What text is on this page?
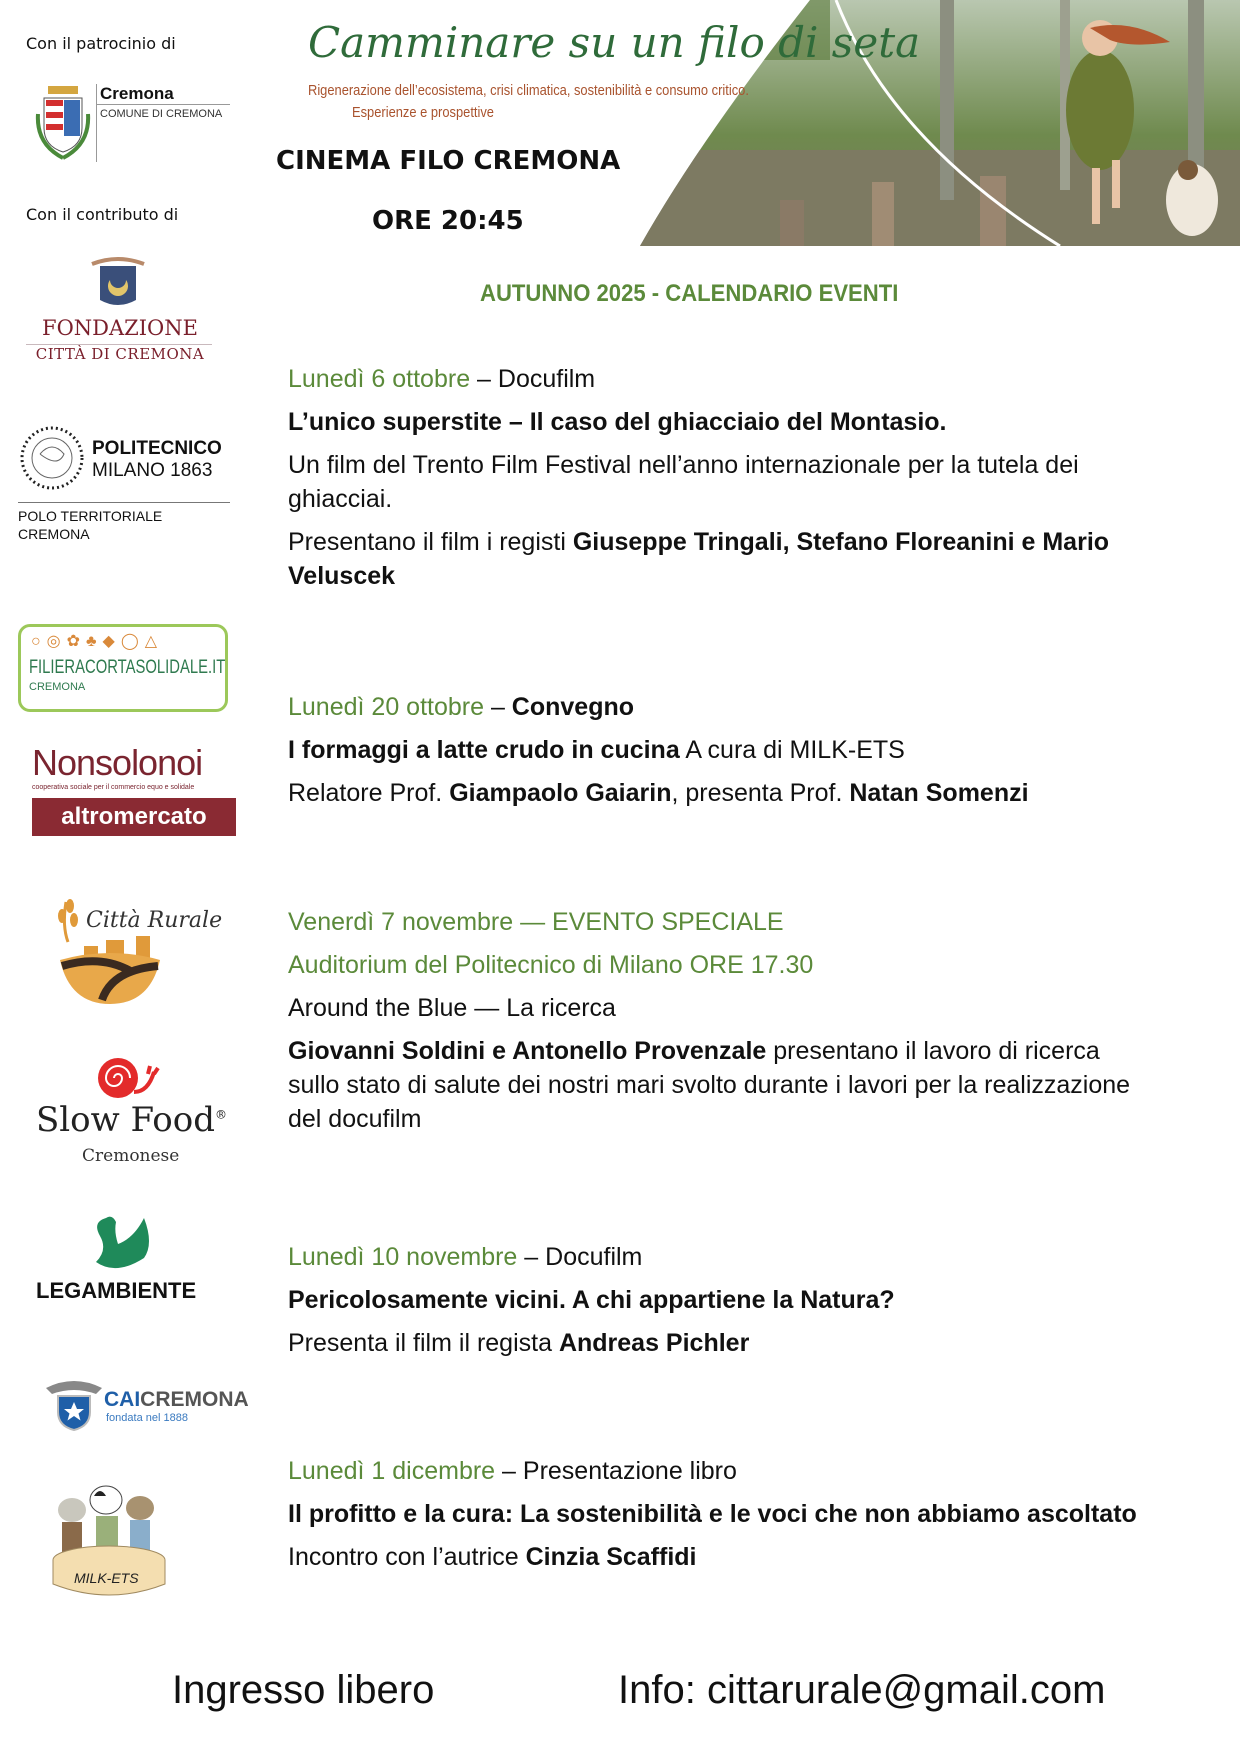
Con il patrocinio di
Cremona
COMUNE DI CREMONA
Con il contributo di
FONDAZIONE
CITTÀ DI CREMONA
POLITECNICO
MILANO 1863
POLO TERRITORIALE
CREMONA
○◎✿♣◆◯△
FILIERACORTASOLIDALE.IT
CREMONA
Nonsolonoi
cooperativa sociale per il commercio equo e solidale
altromercato
Città Rurale
Slow Food®
Cremonese
LEGAMBIENTE
CAICREMONA
fondata nel 1888
MILK-ETS
Camminare su un filo di seta
Rigenerazione dell’ecosistema, crisi climatica, sostenibilità e consumo critico.
Esperienze e prospettive
CINEMA FILO CREMONA
ORE 20:45
AUTUNNO 2025 - CALENDARIO EVENTI
Lunedì 6 ottobre – Docufilm
L’unico superstite – Il caso del ghiacciaio del Montasio.
Un film del Trento Film Festival nell’anno internazionale per la tutela dei ghiacciai.
Presentano il film i registi Giuseppe Tringali, Stefano Floreanini e Mario Veluscek
Lunedì 20 ottobre – Convegno
I formaggi a latte crudo in cucina A cura di MILK-ETS
Relatore Prof. Giampaolo Gaiarin, presenta Prof. Natan Somenzi
Venerdì 7 novembre — EVENTO SPECIALE
Auditorium del Politecnico di Milano ORE 17.30
Around the Blue — La ricerca
Giovanni Soldini e Antonello Provenzale presentano il lavoro di ricerca sullo stato di salute dei nostri mari svolto durante i lavori per la realizzazione del docufilm
Lunedì 10 novembre – Docufilm
Pericolosamente vicini. A chi appartiene la Natura?
Presenta il film il regista Andreas Pichler
Lunedì 1 dicembre – Presentazione libro
Il profitto e la cura: La sostenibilità e le voci che non abbiamo ascoltato
Incontro con l’autrice Cinzia Scaffidi
Ingresso libero	Info: cittarurale@gmail.com
